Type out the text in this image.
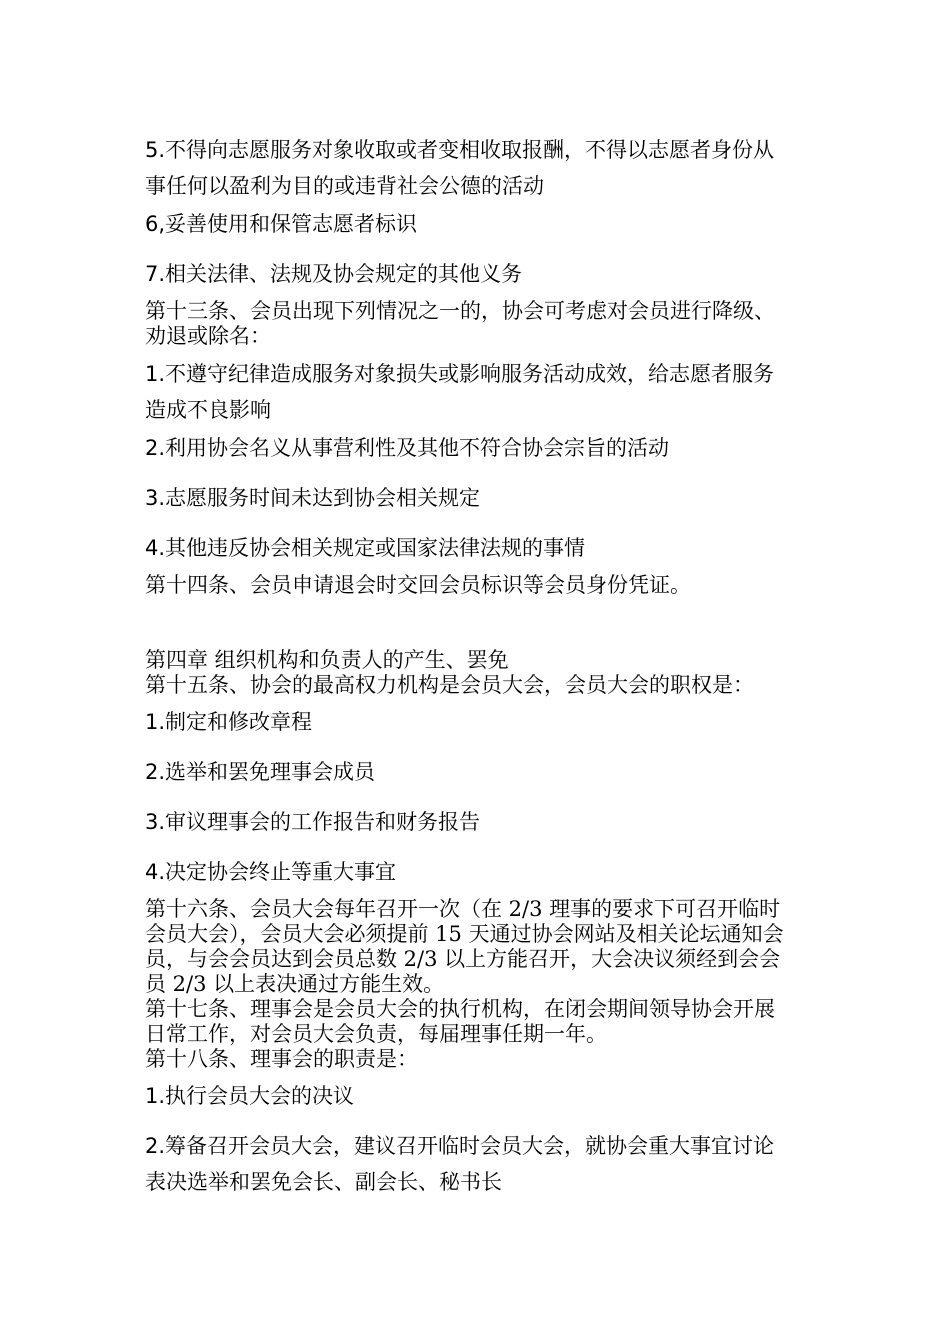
5.不得向志愿服务对象收取或者变相收取报酬，不得以志愿者身份从
事任何以盈利为目的或违背社会公德的活动
6,妥善使用和保管志愿者标识
7.相关法律、法规及协会规定的其他义务
第十三条、会员出现下列情况之一的，协会可考虑对会员进行降级、
劝退或除名：
1.不遵守纪律造成服务对象损失或影响服务活动成效，给志愿者服务
造成不良影响
2.利用协会名义从事营利性及其他不符合协会宗旨的活动
3.志愿服务时间未达到协会相关规定
4.其他违反协会相关规定或国家法律法规的事情
第十四条、会员申请退会时交回会员标识等会员身份凭证。
第四章 组织机构和负责人的产生、罢免
第十五条、协会的最高权力机构是会员大会，会员大会的职权是：
1.制定和修改章程
2.选举和罢免理事会成员
3.审议理事会的工作报告和财务报告
4.决定协会终止等重大事宜
第十六条、会员大会每年召开一次（在 2/3 理事的要求下可召开临时
会员大会），会员大会必须提前 15 天通过协会网站及相关论坛通知会
员，与会会员达到会员总数 2/3 以上方能召开，大会决议须经到会会
员 2/3 以上表决通过方能生效。
第十七条、理事会是会员大会的执行机构，在闭会期间领导协会开展
日常工作，对会员大会负责，每届理事任期一年。
第十八条、理事会的职责是：
1.执行会员大会的决议
2.筹备召开会员大会，建议召开临时会员大会，就协会重大事宜讨论
表决选举和罢免会长、副会长、秘书长
